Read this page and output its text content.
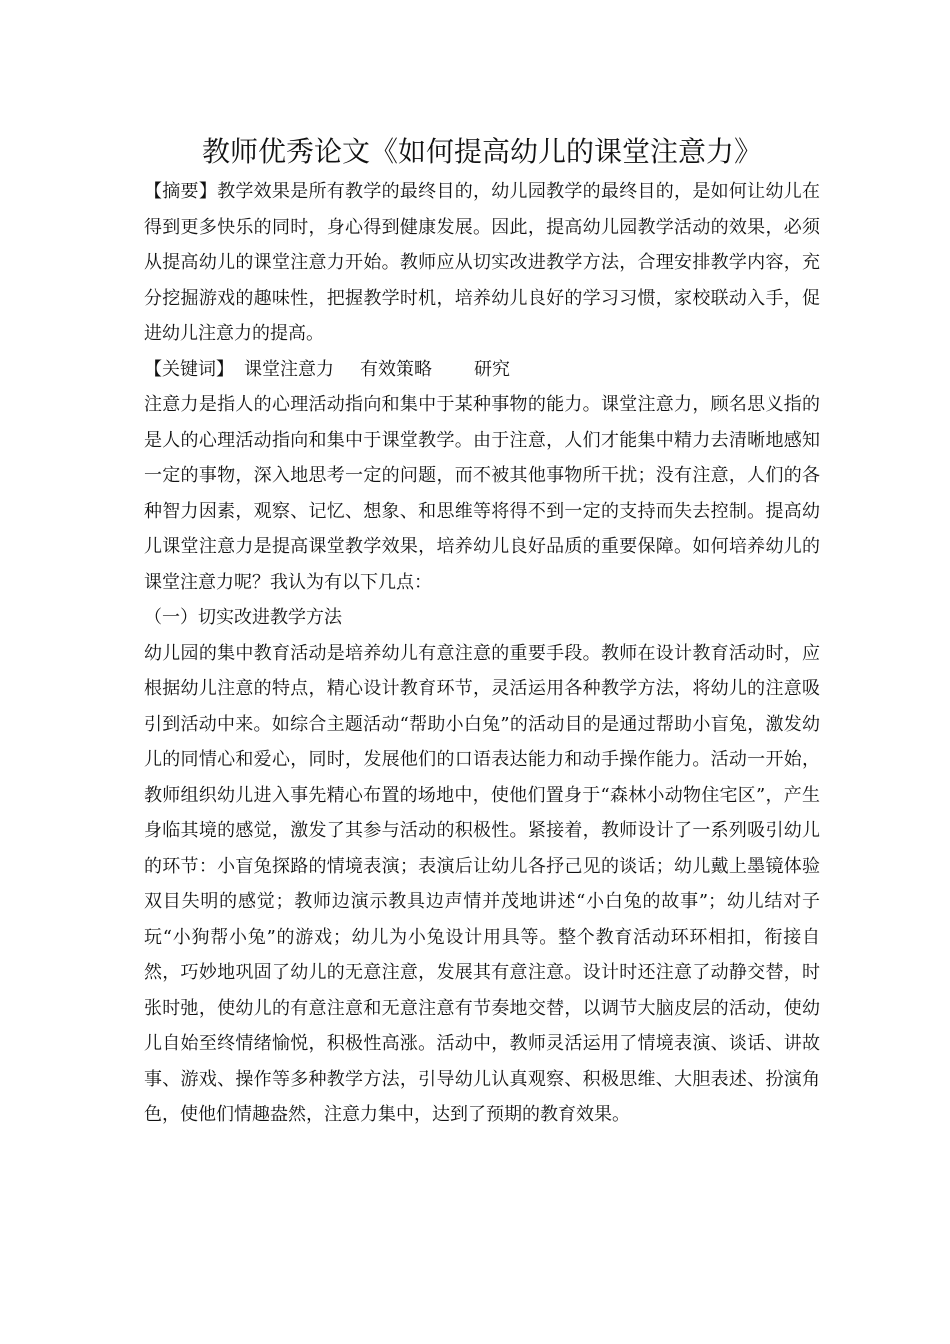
教师优秀论文《如何提高幼儿的课堂注意力》

【摘要】教学效果是所有教学的最终目的，幼儿园教学的最终目的，是如何让幼儿在得到更多快乐的同时，身心得到健康发展。因此，提高幼儿园教学活动的效果，必须从提高幼儿的课堂注意力开始。教师应从切实改进教学方法，合理安排教学内容，充分挖掘游戏的趣味性，把握教学时机，培养幼儿良好的学习习惯，家校联动入手，促进幼儿注意力的提高。

【关键词】 课堂注意力 有效策略 研究

注意力是指人的心理活动指向和集中于某种事物的能力。课堂注意力，顾名思义指的是人的心理活动指向和集中于课堂教学。由于注意，人们才能集中精力去清晰地感知一定的事物，深入地思考一定的问题，而不被其他事物所干扰；没有注意，人们的各种智力因素，观察、记忆、想象、和思维等将得不到一定的支持而失去控制。提高幼儿课堂注意力是提高课堂教学效果，培养幼儿良好品质的重要保障。如何培养幼儿的课堂注意力呢？我认为有以下几点：

（一）切实改进教学方法

幼儿园的集中教育活动是培养幼儿有意注意的重要手段。教师在设计教育活动时，应根据幼儿注意的特点，精心设计教育环节，灵活运用各种教学方法，将幼儿的注意吸引到活动中来。如综合主题活动“帮助小白兔”的活动目的是通过帮助小盲兔，激发幼儿的同情心和爱心，同时，发展他们的口语表达能力和动手操作能力。活动一开始，教师组织幼儿进入事先精心布置的场地中，使他们置身于“森林小动物住宅区”，产生身临其境的感觉，激发了其参与活动的积极性。紧接着，教师设计了一系列吸引幼儿的环节：小盲兔探路的情境表演；表演后让幼儿各抒己见的谈话；幼儿戴上墨镜体验双目失明的感觉；教师边演示教具边声情并茂地讲述“小白兔的故事”；幼儿结对子玩“小狗帮小兔”的游戏；幼儿为小兔设计用具等。整个教育活动环环相扣，衔接自然，巧妙地巩固了幼儿的无意注意，发展其有意注意。设计时还注意了动静交替，时张时弛，使幼儿的有意注意和无意注意有节奏地交替，以调节大脑皮层的活动，使幼儿自始至终情绪愉悦，积极性高涨。活动中，教师灵活运用了情境表演、谈话、讲故事、游戏、操作等多种教学方法，引导幼儿认真观察、积极思维、大胆表述、扮演角色，使他们情趣盎然，注意力集中，达到了预期的教育效果。
